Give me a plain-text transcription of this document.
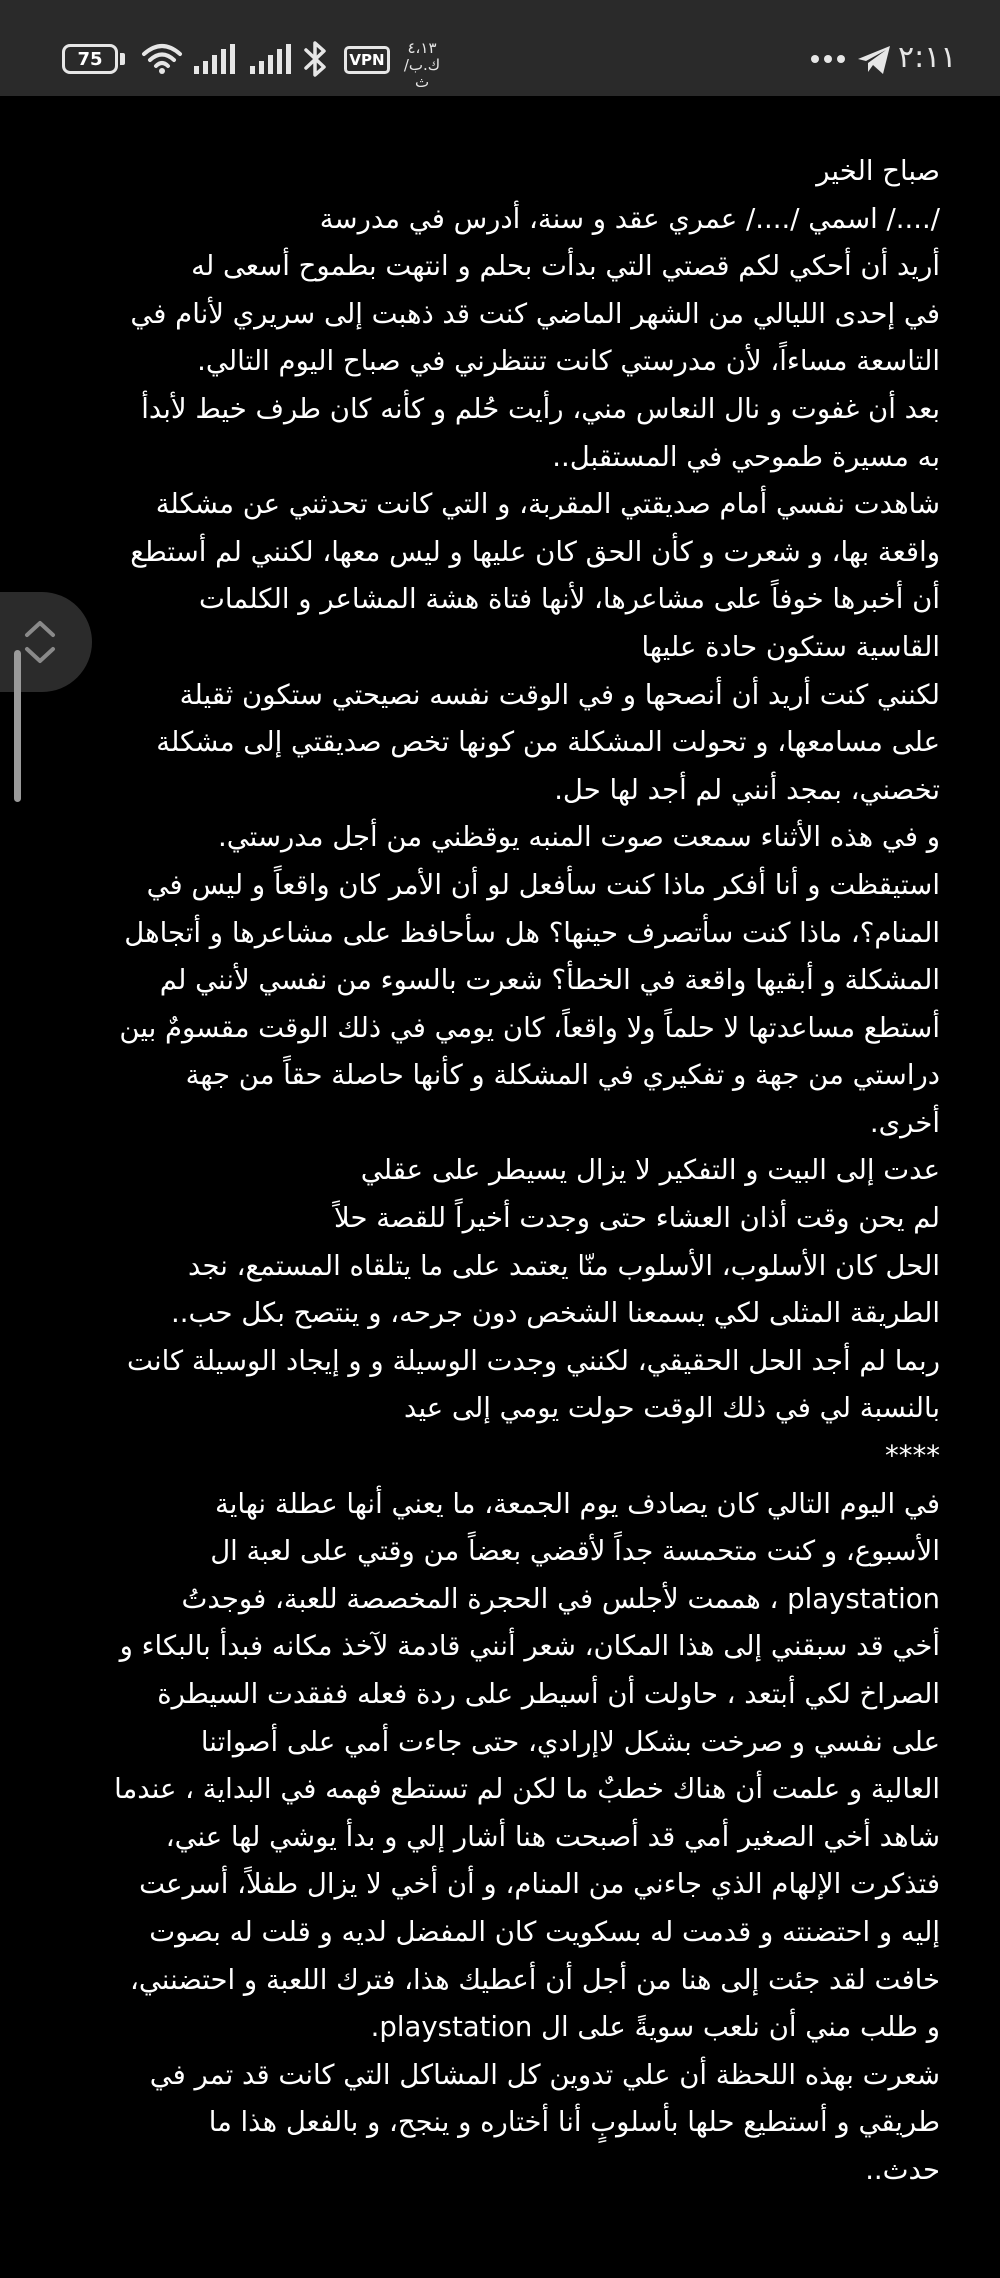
75	VPN
٤،١٣
ك.ب/ث
٢:١١
صباح الخير
/..../ اسمي /..../ عمري عقد و سنة، أدرس في مدرسة
أريد أن أحكي لكم قصتي التي بدأت بحلم و انتهت بطموح أسعى له
في إحدى الليالي من الشهر الماضي كنت قد ذهبت إلى سريري لأنام في
التاسعة مساءاً، لأن مدرستي كانت تنتظرني في صباح اليوم التالي.
بعد أن غفوت و نال النعاس مني، رأيت حُلم و كأنه كان طرف خيط لأبدأ
به مسيرة طموحي في المستقبل..
شاهدت نفسي أمام صديقتي المقربة، و التي كانت تحدثني عن مشكلة
واقعة بها، و شعرت و كأن الحق كان عليها و ليس معها، لكنني لم أستطع
أن أخبرها خوفاً على مشاعرها، لأنها فتاة هشة المشاعر و الكلمات
القاسية ستكون حادة عليها
لكنني كنت أريد أن أنصحها و في الوقت نفسه نصيحتي ستكون ثقيلة
على مسامعها، و تحولت المشكلة من كونها تخص صديقتي إلى مشكلة
تخصني، بمجد أنني لم أجد لها حل.
و في هذه الأثناء سمعت صوت المنبه يوقظني من أجل مدرستي.
استيقظت و أنا أفكر ماذا كنت سأفعل لو أن الأمر كان واقعاً و ليس في
المنام؟، ماذا كنت سأتصرف حينها؟ هل سأحافظ على مشاعرها و أتجاهل
المشكلة و أبقيها واقعة في الخطأ؟ شعرت بالسوء من نفسي لأنني لم
أستطع مساعدتها لا حلماً ولا واقعاً، كان يومي في ذلك الوقت مقسومٌ بين
دراستي من جهة و تفكيري في المشكلة و كأنها حاصلة حقاً من جهة
أخرى.
عدت إلى البيت و التفكير لا يزال يسيطر على عقلي
لم يحن وقت أذان العشاء حتى وجدت أخيراً للقصة حلاً
الحل كان الأسلوب، الأسلوب منّا يعتمد على ما يتلقاه المستمع، نجد
الطريقة المثلى لكي يسمعنا الشخص دون جرحه، و ينتصح بكل حب..
ربما لم أجد الحل الحقيقي، لكنني وجدت الوسيلة و و إيجاد الوسيلة كانت
بالنسبة لي في ذلك الوقت حولت يومي إلى عيد
****
في اليوم التالي كان يصادف يوم الجمعة، ما يعني أنها عطلة نهاية
الأسبوع، و كنت متحمسة جداً لأقضي بعضاً من وقتي على لعبة ال
playstation ، هممت لأجلس في الحجرة المخصصة للعبة، فوجدتُ
أخي قد سبقني إلى هذا المكان، شعر أنني قادمة لآخذ مكانه فبدأ بالبكاء و
الصراخ لكي أبتعد ، حاولت أن أسيطر على ردة فعله ففقدت السيطرة
على نفسي و صرخت بشكل لاإرادي، حتى جاءت أمي على أصواتنا
العالية و علمت أن هناك خطبٌ ما لكن لم تستطع فهمه في البداية ، عندما
شاهد أخي الصغير أمي قد أصبحت هنا أشار إلي و بدأ يوشي لها عني،
فتذكرت الإلهام الذي جاءني من المنام، و أن أخي لا يزال طفلاً، أسرعت
إليه و احتضنته و قدمت له بسكويت كان المفضل لديه و قلت له بصوت
خافت لقد جئت إلى هنا من أجل أن أعطيك هذا، فترك اللعبة و احتضنني،
و طلب مني أن نلعب سويةً على ال playstation.
شعرت بهذه اللحظة أن علي تدوين كل المشاكل التي كانت قد تمر في
طريقي و أستطيع حلها بأسلوبٍ أنا أختاره و ينجح، و بالفعل هذا ما
حدث..
